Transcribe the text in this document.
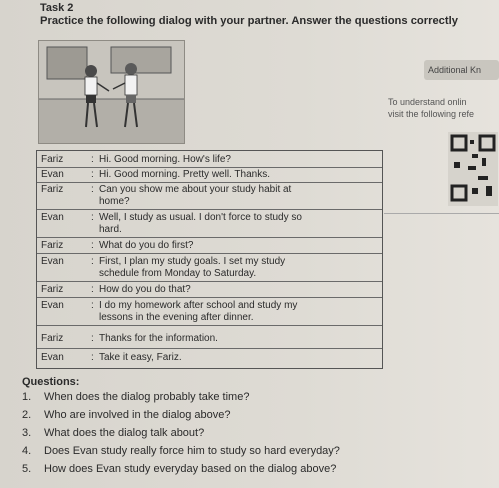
Task 2
Practice the following dialog with your partner. Answer the questions correctly
Additional Kn
To understand onlin
visit the following refe
Fariz	: Hi. Good morning. How's life?
Evan	: Hi. Good morning. Pretty well. Thanks.
Fariz	: Can you show me about your study habit at
home?
Evan	: Well, I study as usual. I don't force to study so
hard.
Fariz	: What do you do first?
Evan	: First, I plan my study goals. I set my study
schedule from Monday to Saturday.
Fariz	: How do you do that?
Evan	: I do my homework after school and study my
lessons in the evening after dinner.
Fariz	: Thanks for the information.
Evan	: Take it easy, Fariz.
Questions:
1. When does the dialog probably take time?
2. Who are involved in the dialog above?
3. What does the dialog talk about?
4. Does Evan study really force him to study so hard everyday?
5. How does Evan study everyday based on the dialog above?
